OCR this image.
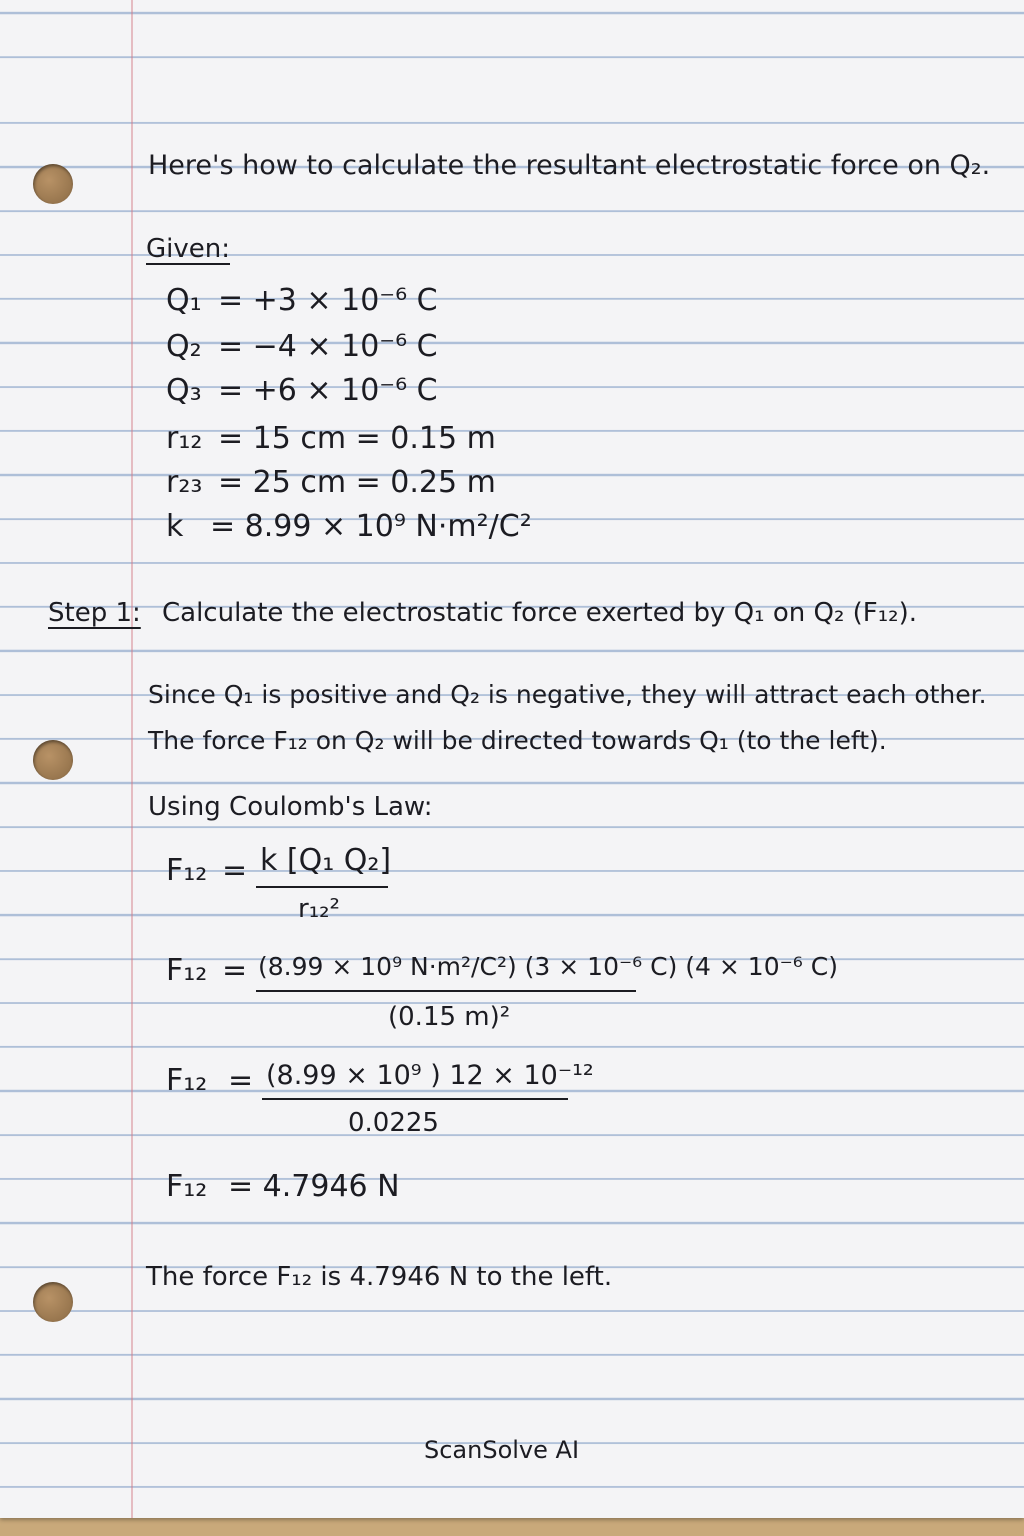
Here's how to calculate the resultant electrostatic force on Q₂.
Given:
Q₁ = +3 × 10⁻⁶ C
Q₂ = −4 × 10⁻⁶ C
Q₃ = +6 × 10⁻⁶ C
r₁₂ = 15 cm = 0.15 m
r₂₃ = 25 cm = 0.25 m
k = 8.99 × 10⁹ N·m²/C²
Step 1: Calculate the electrostatic force exerted by Q₁ on Q₂ (F₁₂).
Since Q₁ is positive and Q₂ is negative, they will attract each other.
The force F₁₂ on Q₂ will be directed towards Q₁ (to the left).
Using Coulomb's Law:
F₁₂ = k [Q₁ Q₂]
r₁₂²
F₁₂ = (8.99 × 10⁹ N·m²/C²) (3 × 10⁻⁶ C) (4 × 10⁻⁶ C)
(0.15 m)²
F₁₂ = (8.99 × 10⁹ ) 12 × 10⁻¹²
0.0225
F₁₂ = 4.7946 N
The force F₁₂ is 4.7946 N to the left.
ScanSolve AI
